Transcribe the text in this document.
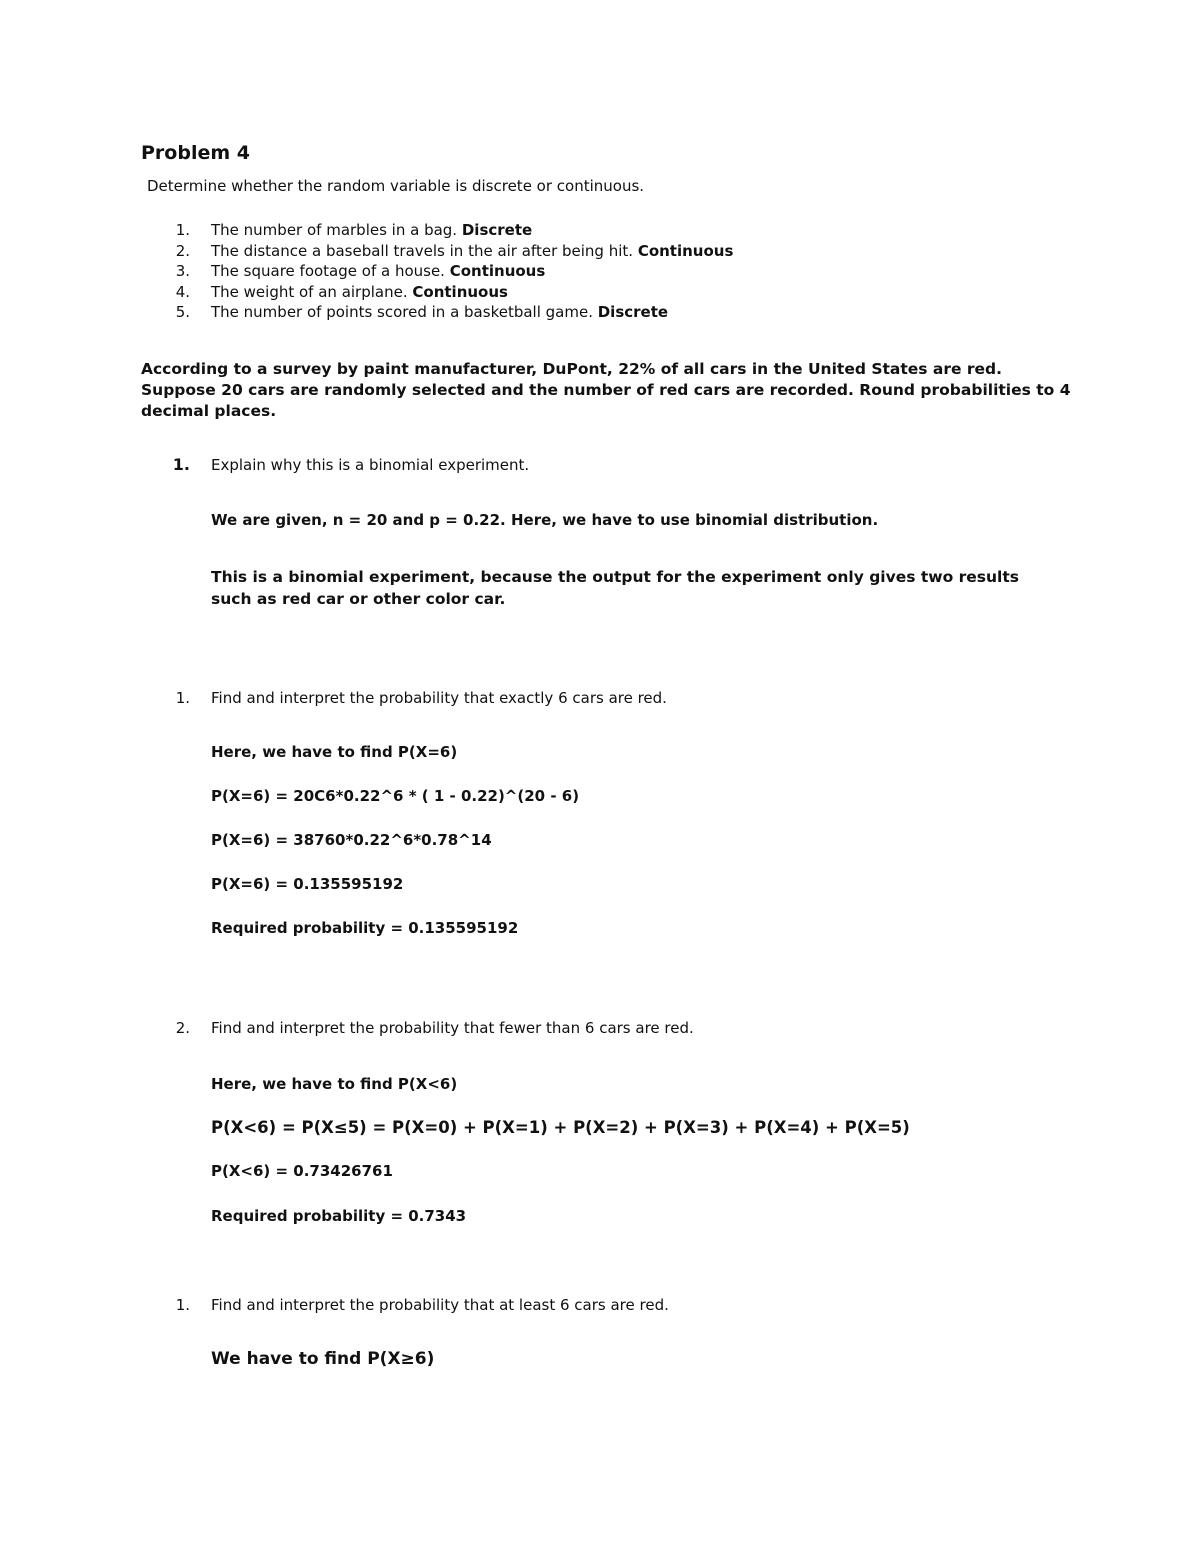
Problem 4
Determine whether the random variable is discrete or continuous.
1. The number of marbles in a bag. Discrete
2. The distance a baseball travels in the air after being hit. Continuous
3. The square footage of a house. Continuous
4. The weight of an airplane. Continuous
5. The number of points scored in a basketball game. Discrete
According to a survey by paint manufacturer, DuPont, 22% of all cars in the United States are red. Suppose 20 cars are randomly selected and the number of red cars are recorded. Round probabilities to 4 decimal places.
1. Explain why this is a binomial experiment.
We are given, n = 20 and p = 0.22. Here, we have to use binomial distribution.
This is a binomial experiment, because the output for the experiment only gives two results such as red car or other color car.
1. Find and interpret the probability that exactly 6 cars are red.
Here, we have to find P(X=6)
P(X=6) = 20C6*0.22^6 * ( 1 - 0.22)^(20 - 6)
P(X=6) = 38760*0.22^6*0.78^14
P(X=6) = 0.135595192
Required probability = 0.135595192
2. Find and interpret the probability that fewer than 6 cars are red.
Here, we have to find P(X<6)
P(X<6) = P(X≤5) = P(X=0) + P(X=1) + P(X=2) + P(X=3) + P(X=4) + P(X=5)
P(X<6) = 0.73426761
Required probability = 0.7343
1. Find and interpret the probability that at least 6 cars are red.
We have to find P(X≥6)
